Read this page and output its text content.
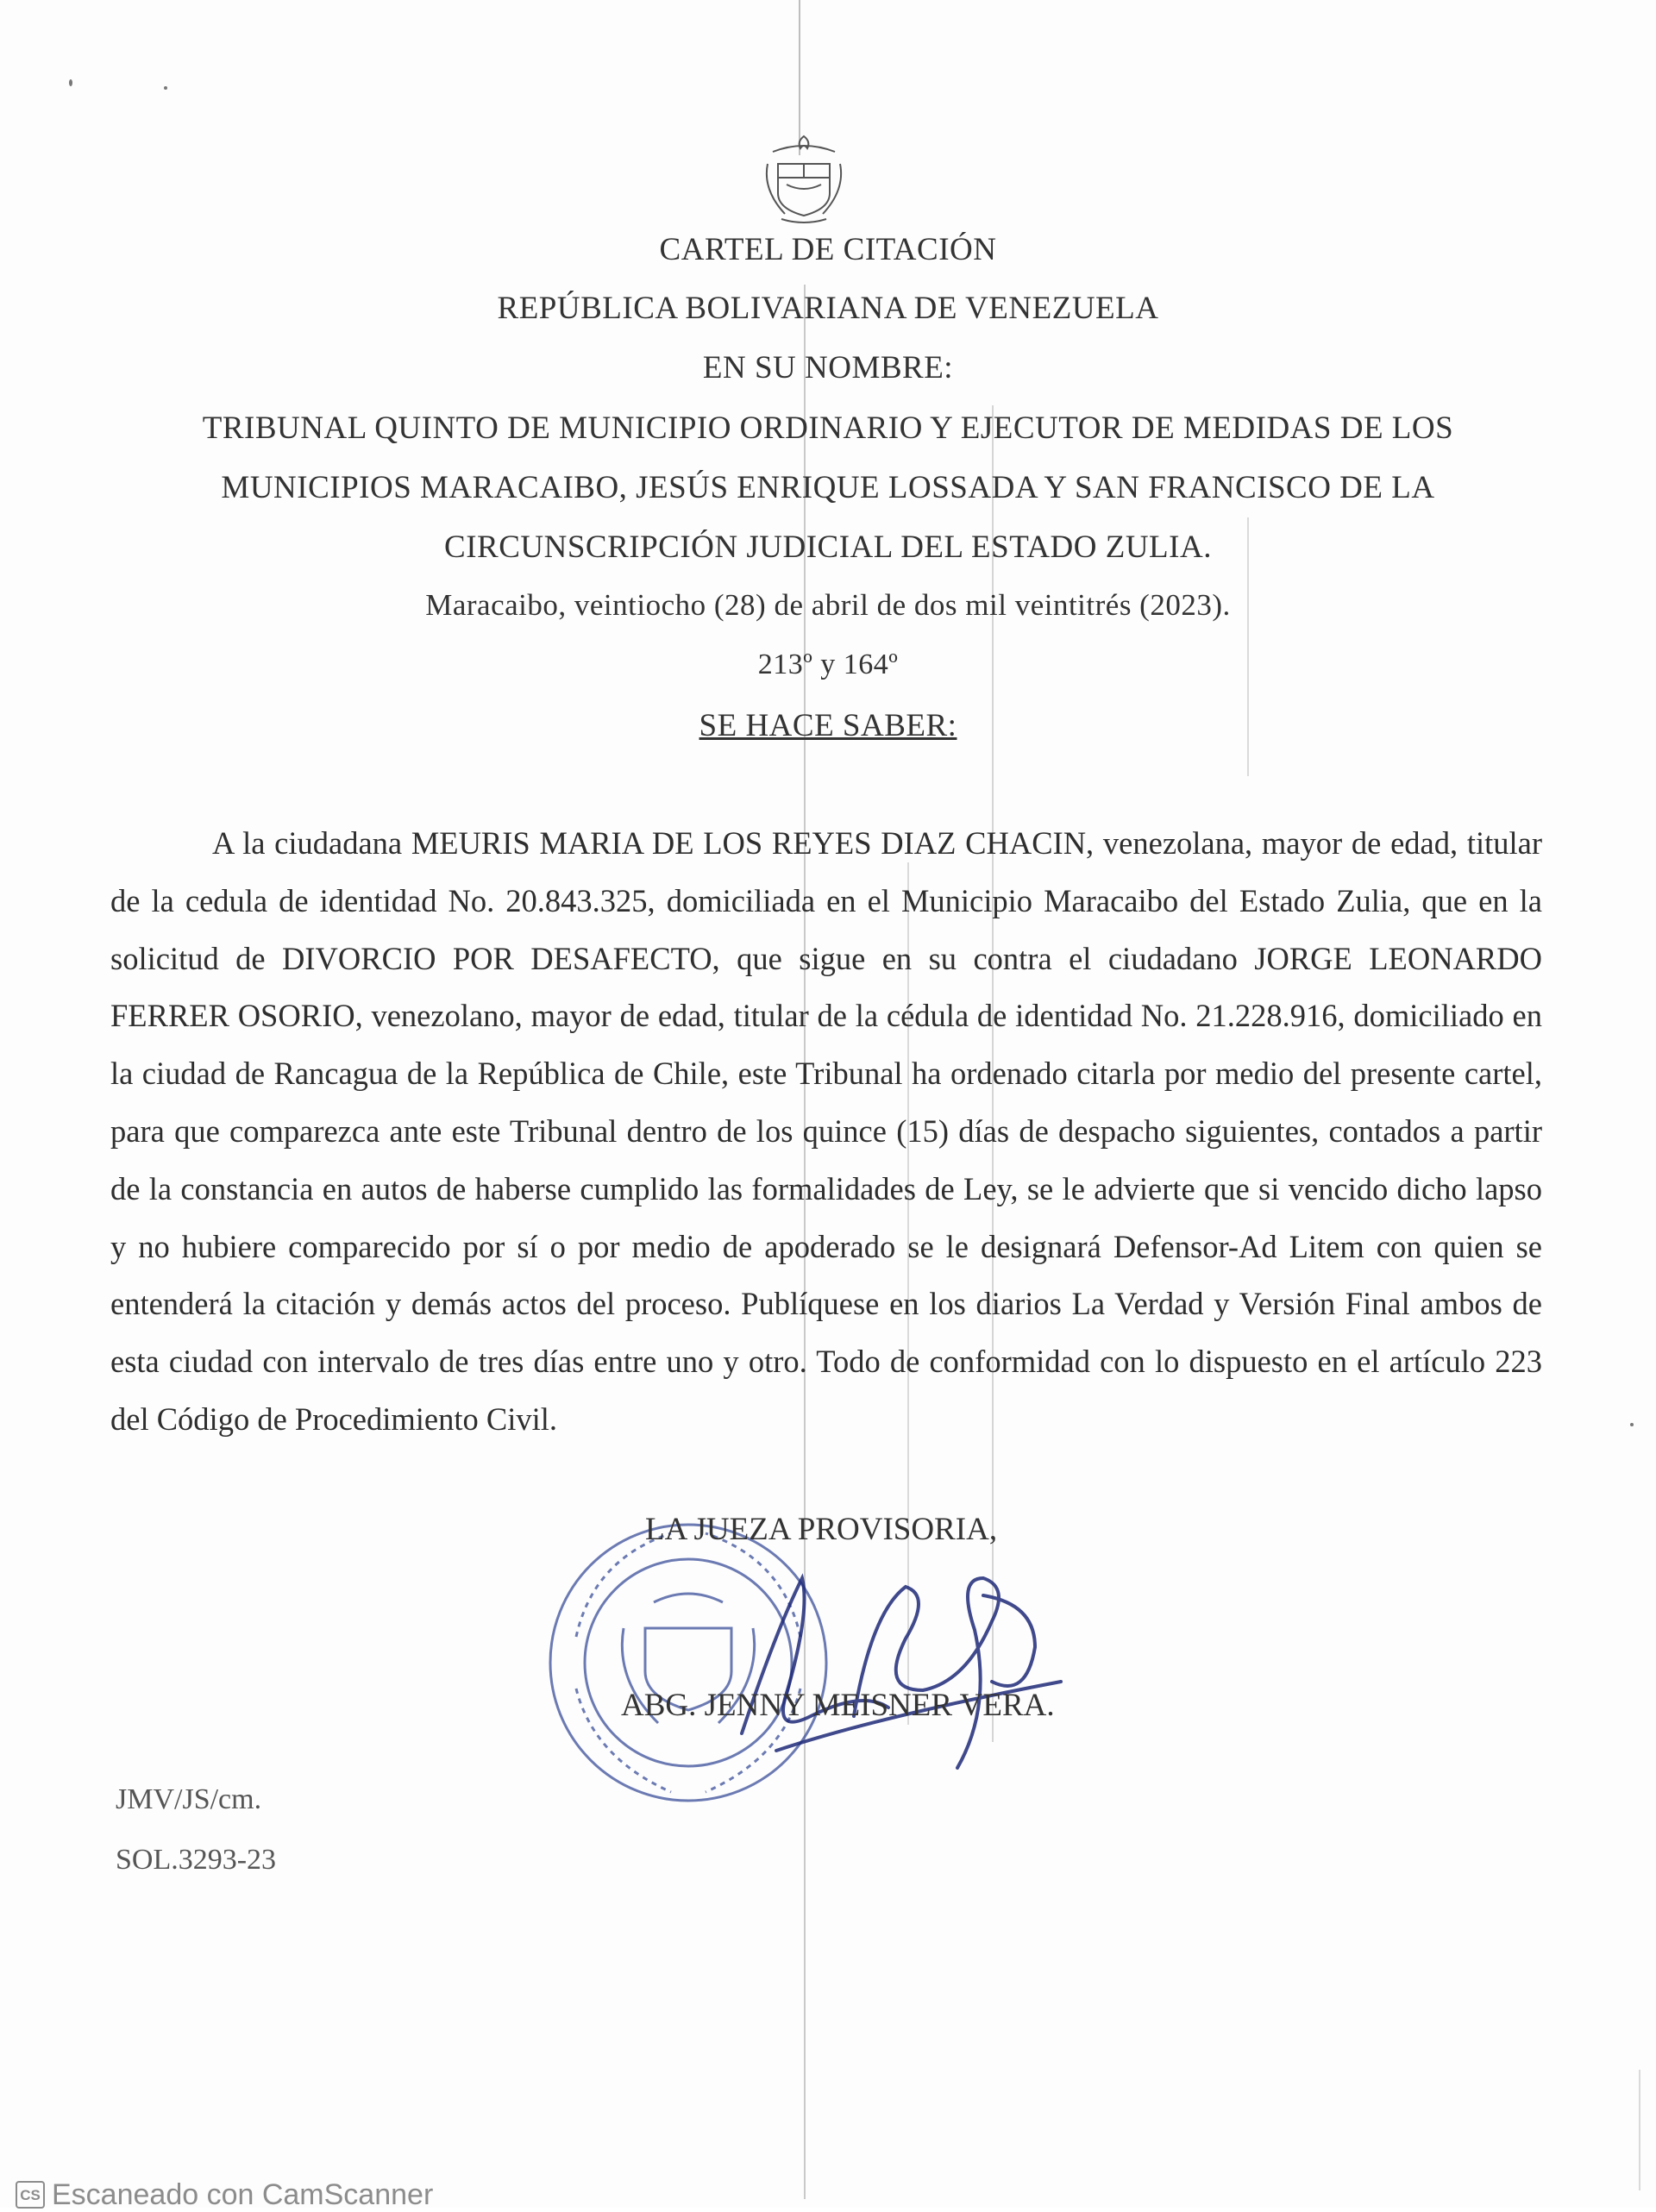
CARTEL DE CITACIÓN
REPÚBLICA BOLIVARIANA DE VENEZUELA
EN SU NOMBRE:
TRIBUNAL QUINTO DE MUNICIPIO ORDINARIO Y EJECUTOR DE MEDIDAS DE LOS
MUNICIPIOS MARACAIBO, JESÚS ENRIQUE LOSSADA Y SAN FRANCISCO DE LA
CIRCUNSCRIPCIÓN JUDICIAL DEL ESTADO ZULIA.
Maracaibo, veintiocho (28) de abril de dos mil veintitrés (2023).
213º y 164º
SE HACE SABER:
A la ciudadana MEURIS MARIA DE LOS REYES DIAZ CHACIN, venezolana, mayor de edad, titular de la cedula de identidad No. 20.843.325, domiciliada en el Municipio Maracaibo del Estado Zulia, que en la solicitud de DIVORCIO POR DESAFECTO, que sigue en su contra el ciudadano JORGE LEONARDO FERRER OSORIO, venezolano, mayor de edad, titular de la cédula de identidad No. 21.228.916, domiciliado en la ciudad de Rancagua de la República de Chile, este Tribunal ha ordenado citarla por medio del presente cartel, para que comparezca ante este Tribunal dentro de los quince (15) días de despacho siguientes, contados a partir de la constancia en autos de haberse cumplido las formalidades de Ley, se le advierte que si vencido dicho lapso y no hubiere comparecido por sí o por medio de apoderado se le designará Defensor-Ad Litem con quien se entenderá la citación y demás actos del proceso. Publíquese en los diarios La Verdad y Versión Final ambos de esta ciudad con intervalo de tres días entre uno y otro. Todo de conformidad con lo dispuesto en el artículo 223 del Código de Procedimiento Civil.
LA JUEZA PROVISORIA,
ABG. JENNY MEISNER VERA.
JMV/JS/cm.
SOL.3293-23
CS Escaneado con CamScanner
